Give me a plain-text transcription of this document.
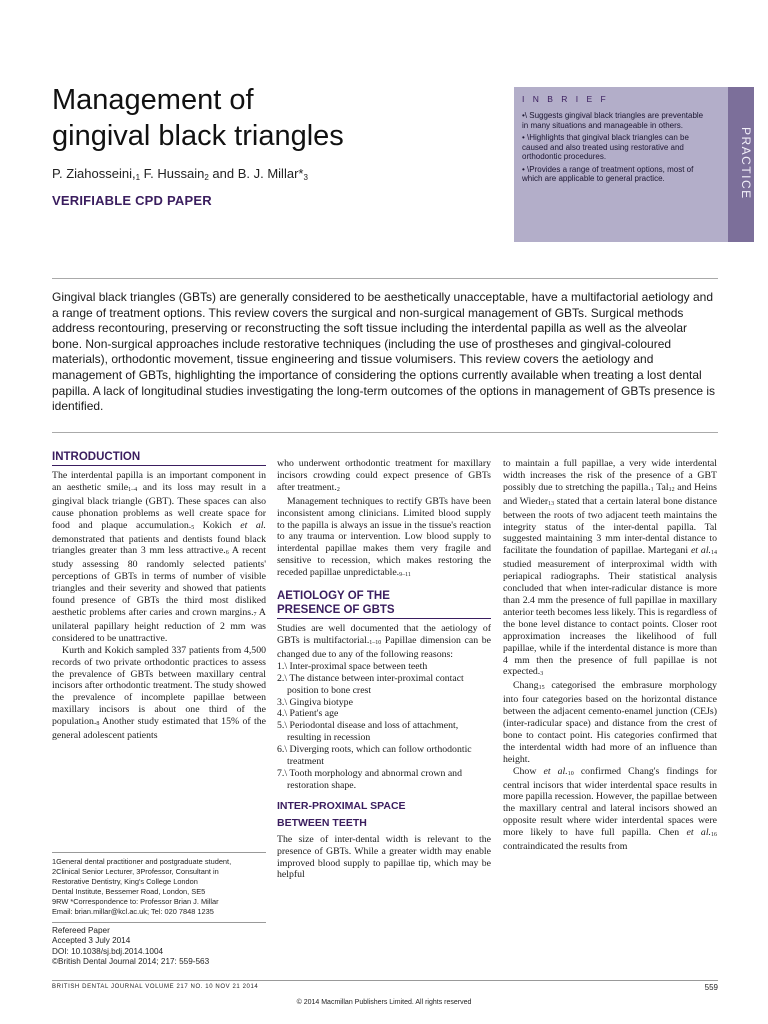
Management of
gingival black triangles
P. $Ziahosseini,_1$ F. Hussain$_2$ and B. J. $Millar*_3$
VERIFIABLE CPD PAPER
I N B R I E F
•\ Suggests gingival black triangles are preventable in many situations and manageable in others.
• \Highlights that gingival black triangles can be caused and also treated using restorative and orthodontic procedures.
• \Provides a range of treatment options, most of which are applicable to general practice.	PRACTICE

Gingival black triangles (GBTs) are generally considered to be aesthetically unacceptable, have a multifactorial aetiology and a range of treatment options. This review covers the surgical and non-surgical management of GBTs. Surgical methods address recontouring, preserving or reconstructing the soft tissue including the interdental papilla as well as the alveolar bone. Non-surgical approaches include restorative techniques (including the use of prostheses and gingival-coloured materials), orthodontic movement, tissue engineering and tissue volumisers. This review covers the aetiology and management of GBTs, highlighting the importance of considering the options currently available when treating a lost dental papilla. A lack of longitudinal studies investigating the long-term outcomes of the options in management of GBTs presence is identified.

INTRODUCTION

The interdental papilla is an important component in an aesthetic smile$^{1-4}$ and its loss may result in a gingival black triangle (GBT). These spaces can also cause phonation problems as well create space for food and plaque accumulation.$^5$ Kokich et al. demonstrated that patients and dentists found black triangles greater than 3 mm less attractive.$^6$ A recent study assessing 80 randomly selected patients' perceptions of GBTs in terms of number of visible triangles and their severity and showed that patients found presence of GBTs the third most disliked aesthetic problems after caries and crown margins.$^7$ A unilateral papillary height reduction of 2 mm was considered to be unattractive.

Kurth and Kokich sampled 337 patients from 4,500 records of two private orthodontic practices to assess the prevalence of GBTs between maxillary central incisors after orthodontic treatment. The study showed the prevalence of incomplete papillae between maxillary incisors is about one third of the population.$^8$ Another study estimated that 15% of the general adolescent patients

who underwent orthodontic treatment for maxillary incisors crowding could expect presence of GBTs after treatment.$^2$

Management techniques to rectify GBTs have been inconsistent among clinicians. Limited blood supply to the papilla is always an issue in the tissue's reaction to any trauma or intervention. Low blood supply to interdental papillae makes them very fragile and sensitive to recession, which makes restoring the receded papillae unpredictable.$^{9-11}$

AETIOLOGY OF THE
PRESENCE OF GBTS

Studies are well documented that the aetiology of GBTs is multifactorial.$^{1-10}$ Papillae dimension can be changed due to any of the following reasons:

1.\ Inter-proximal space between teeth
2.\ The distance between inter-proximal contact position to bone crest
3.\ Gingiva biotype
4.\ Patient's age
5.\ Periodontal disease and loss of attachment, resulting in recession
6.\ Diverging roots, which can follow orthodontic treatment
7.\ Tooth morphology and abnormal crown and restoration shape.
INTER-PROXIMAL SPACE
BETWEEN TEETH

The size of inter-dental width is relevant to the presence of GBTs. While a greater width may enable improved blood supply to papillae tip, which may be helpful

to maintain a full papillae, a very wide interdental width increases the risk of the presence of a GBT possibly due to stretching the papilla.$^1$ Tal$^{12}$ and Heins and Wieder$^{13}$ stated that a certain lateral bone distance between the roots of two adjacent teeth maintains the integrity status of the inter-dental papilla. Tal suggested maintaining 3 mm inter-dental distance to facilitate the foundation of papillae. Martegani et al.$^{14}$ studied measurement of interproximal width with periapical radiographs. Their statistical analysis concluded that when inter-radicular distance is more than 2.4 mm the presence of full papillae in maxillary anterior teeth becomes less likely. This is regardless of the bone level distance to contact points. Closer root approximation increases the likelihood of full papillae, while if the interdental distance is more than 4 mm then the presence of full papillae is not expected.$^3$

Chang$^{15}$ categorised the embrasure morphology into four categories based on the horizontal distance between the adjacent cemento-enamel junction (CEJs) (inter-radicular space) and distance from the crest of bone to contact point. His categories confirmed that the interdental width had more of an influence than height.

Chow et al.$^{10}$ confirmed Chang's findings for central incisors that wider interdental space results in more papilla recession. However, the papillae between the maxillary central and lateral incisors showed an opposite result where wider interdental spaces were more likely to have full papilla. Chen et al.$^{16}$ contraindicated the results from

1General dental practitioner and postgraduate student,
2Clinical Senior Lecturer, 3Professor, Consultant in
Restorative Dentistry, King's College London
Dental Institute, Bessemer Road, London, SE5
9RW *Correspondence to: Professor Brian J. Millar
Email: brian.millar@kcl.ac.uk; Tel: 020 7848 1235
Refereed Paper
Accepted 3 July 2014
DOI: 10.1038/sj.bdj.2014.1004
©British Dental Journal 2014; 217: 559-563
BRITISH DENTAL JOURNAL VOLUME 217 NO. 10 NOV 21 2014	559
© 2014 Macmillan Publishers Limited. All rights reserved
